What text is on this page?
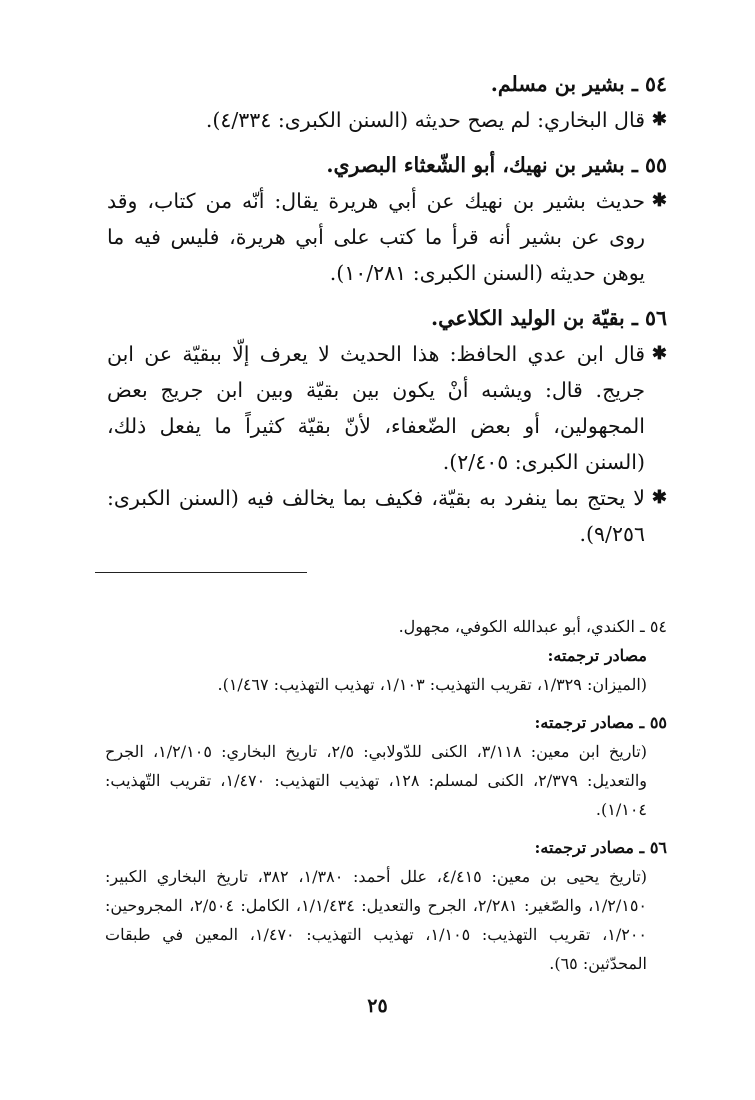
٥٤ ـ بشير بن مسلم.
✱
قال البخاري: لم يصح حديثه (السنن الكبرى: ٤/٣٣٤).
٥٥ ـ بشير بن نهيك، أبو الشّعثاء البصري.
✱
حديث بشير بن نهيك عن أبي هريرة يقال: أنّه من كتاب، وقد روى عن بشير أنه قرأ ما كتب على أبي هريرة، فليس فيه ما يوهن حديثه (السنن الكبرى: ١٠/٢٨١).
٥٦ ـ بقيّة بن الوليد الكلاعي.
✱
قال ابن عدي الحافظ: هذا الحديث لا يعرف إلّا ببقيّة عن ابن جريج. قال: ويشبه أنْ يكون بين بقيّة وبين ابن جريج بعض المجهولين، أو بعض الضّعفاء، لأنّ بقيّة كثيراً ما يفعل ذلك، (السنن الكبرى: ٢/٤٠٥).
✱
لا يحتج بما ينفرد به بقيّة، فكيف بما يخالف فيه (السنن الكبرى: ٩/٢٥٦).
٥٤ ـ الكندي، أبو عبدالله الكوفي، مجهول.
مصادر ترجمته:
(الميزان: ١/٣٢٩، تقريب التهذيب: ١/١٠٣، تهذيب التهذيب: ١/٤٦٧).
٥٥ ـ مصادر ترجمته:
(تاريخ ابن معين: ٣/١١٨، الكنى للدّولابي: ٢/٥، تاريخ البخاري: ١/٢/١٠٥، الجرح والتعديل: ٢/٣٧٩، الكنى لمسلم: ١٢٨، تهذيب التهذيب: ١/٤٧٠، تقريب التّهذيب: ١/١٠٤).
٥٦ ـ مصادر ترجمته:
(تاريخ يحيى بن معين: ٤/٤١٥، علل أحمد: ١/٣٨٠، ٣٨٢، تاريخ البخاري الكبير: ١/٢/١٥٠، والصّغير: ٢/٢٨١، الجرح والتعديل: ١/١/٤٣٤، الكامل: ٢/٥٠٤، المجروحين: ١/٢٠٠، تقريب التهذيب: ١/١٠٥، تهذيب التهذيب: ١/٤٧٠، المعين في طبقات المحدّثين: ٦٥).
٢٥
